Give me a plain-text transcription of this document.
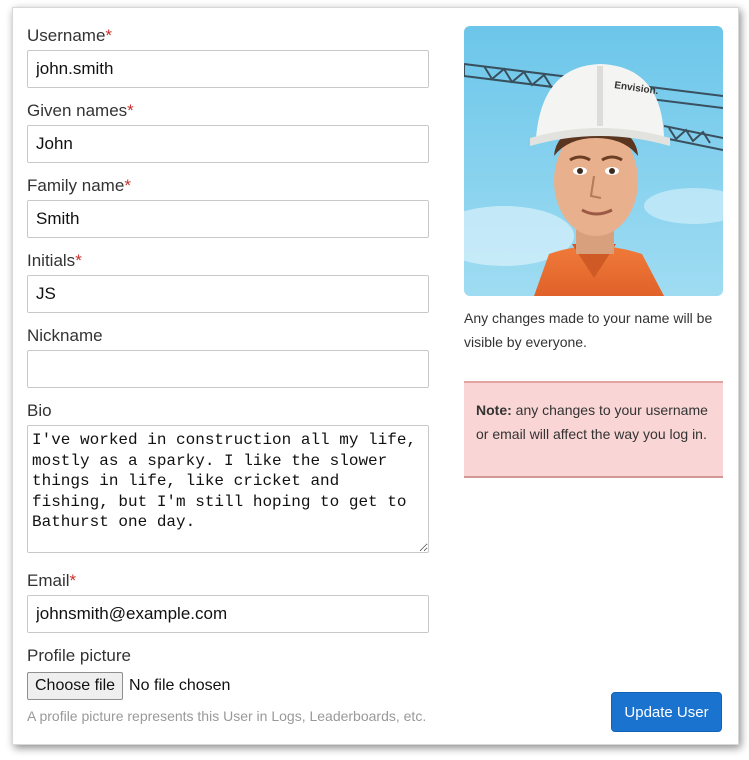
Username*
john.smith
Given names*
John
Family name*
Smith
Initials*
JS
Nickname
Bio
I've worked in construction all my life, mostly as a sparky. I like the slower things in life, like cricket and fishing, but I'm still hoping to get to Bathurst one day.
Email*
johnsmith@example.com
Profile picture
Choose file No file chosen
A profile picture represents this User in Logs, Leaderboards, etc.
Envision.
Any changes made to your name will be visible by everyone.
Note: any changes to your username or email will affect the way you log in.
Update User
